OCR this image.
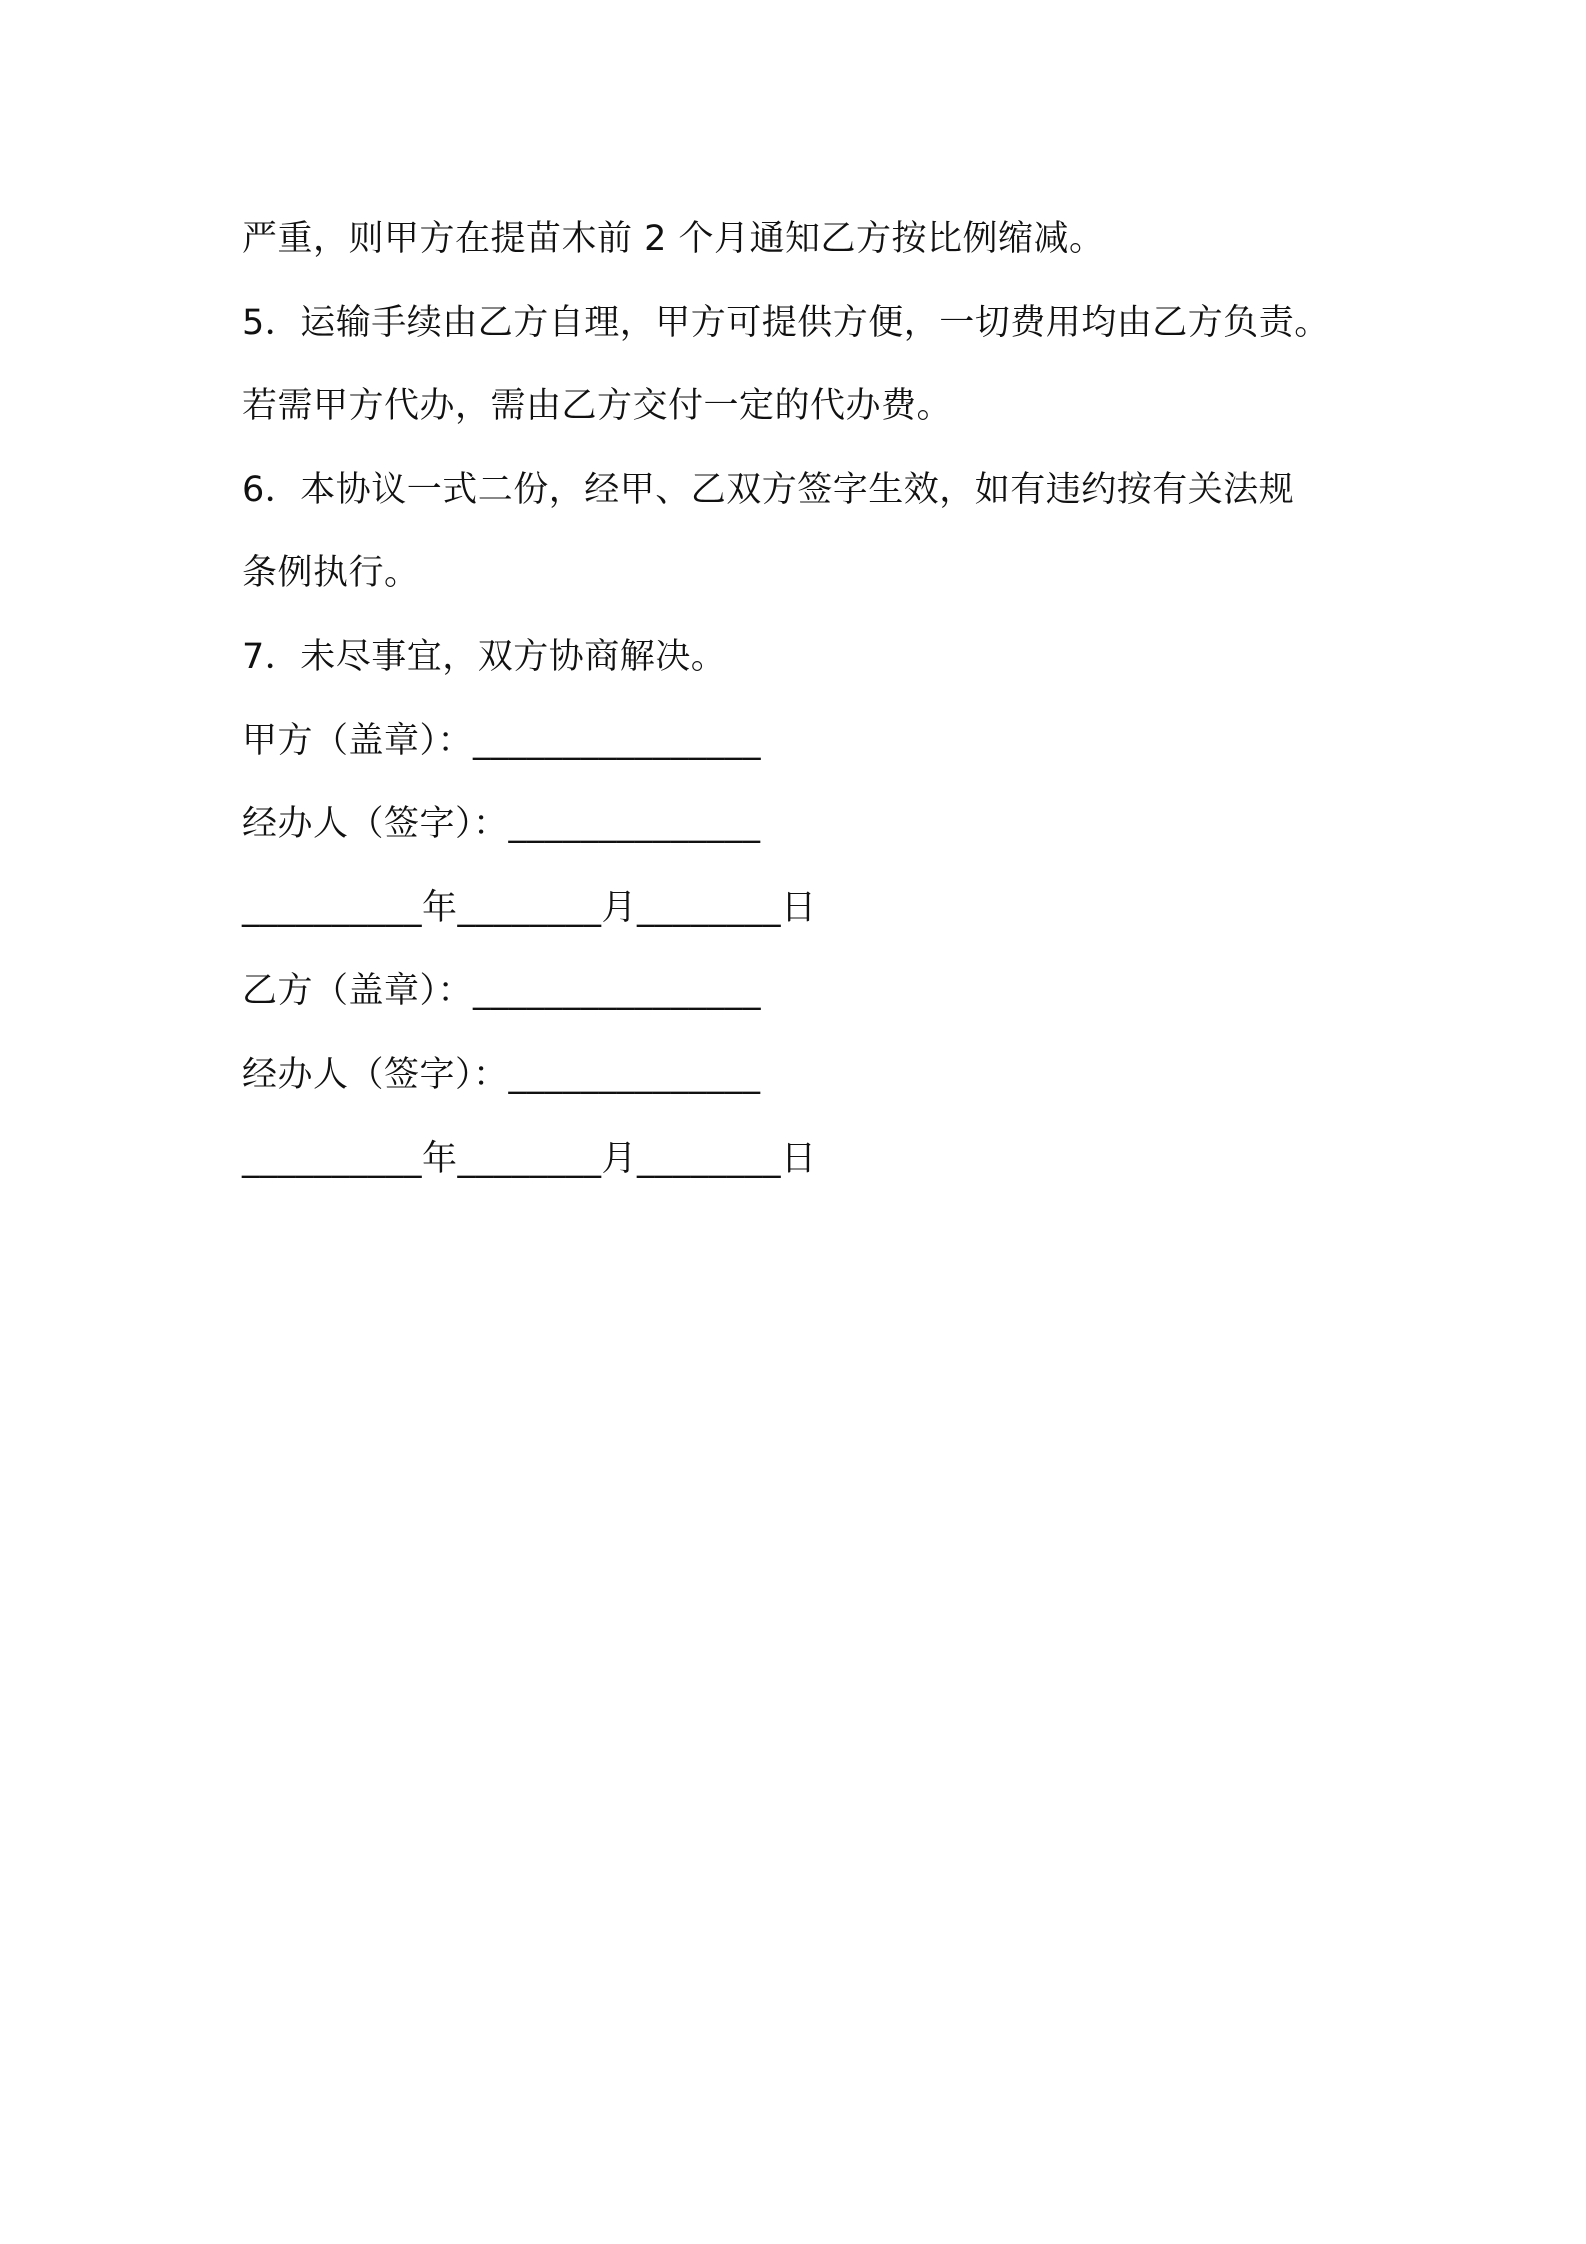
严重，则甲方在提苗木前 2 个月通知乙方按比例缩减。
5．运输手续由乙方自理，甲方可提供方便，一切费用均由乙方负责。
若需甲方代办，需由乙方交付一定的代办费。
6．本协议一式二份，经甲、乙双方签字生效，如有违约按有关法规
条例执行。
7．未尽事宜，双方协商解决。
甲方（盖章）：________________
经办人（签字）：______________
__________年________月________日
乙方（盖章）：________________
经办人（签字）：______________
__________年________月________日
